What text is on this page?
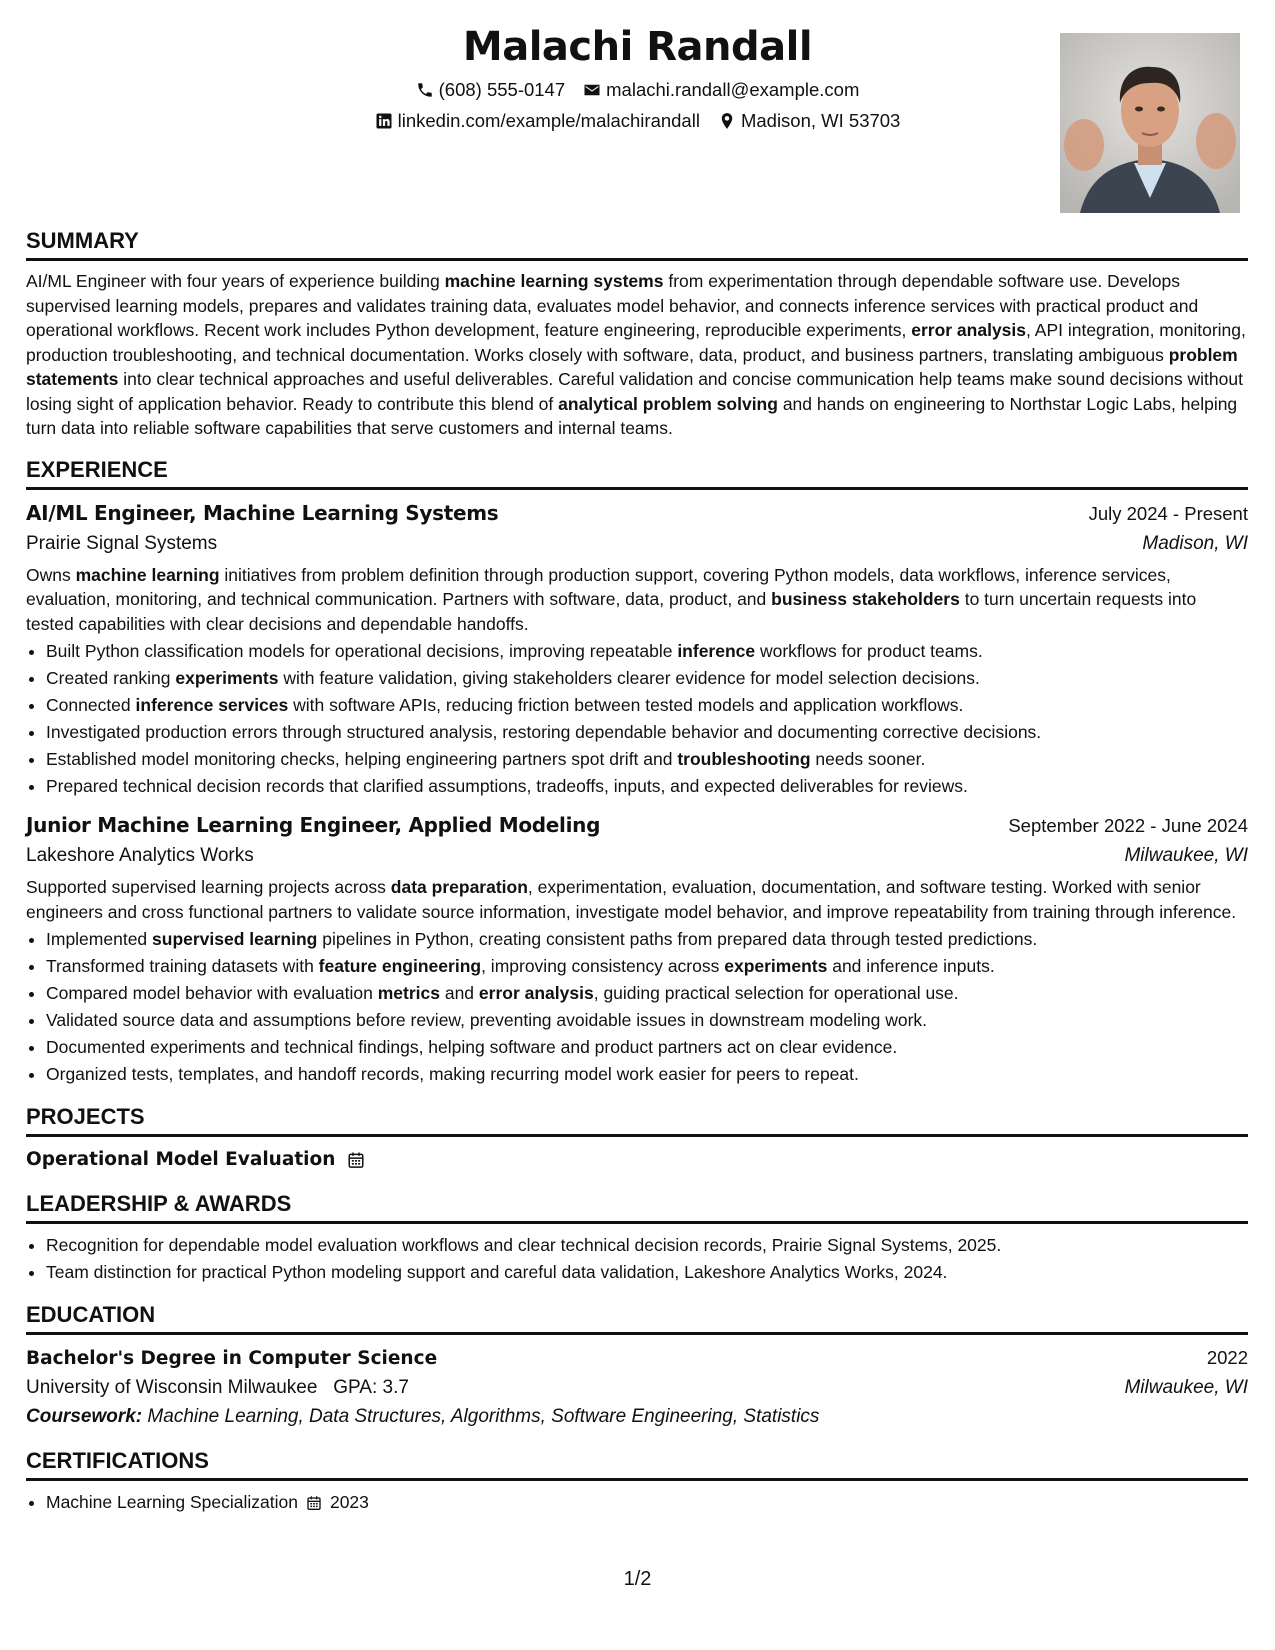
Malachi Randall
(608) 555-0147 malachi.randall@example.com
linkedin.com/example/malachirandall Madison, WI 53703
SUMMARY

AI/ML Engineer with four years of experience building machine learning systems from experimentation through dependable software use. Develops supervised learning models, prepares and validates training data, evaluates model behavior, and connects inference services with practical product and operational workflows. Recent work includes Python development, feature engineering, reproducible experiments, error analysis, API integration, monitoring, production troubleshooting, and technical documentation. Works closely with software, data, product, and business partners, translating ambiguous problem statements into clear technical approaches and useful deliverables. Careful validation and concise communication help teams make sound decisions without losing sight of application behavior. Ready to contribute this blend of analytical problem solving and hands on engineering to Northstar Logic Labs, helping turn data into reliable software capabilities that serve customers and internal teams.

EXPERIENCE
AI/ML Engineer, Machine Learning Systems	July 2024 - Present
Prairie Signal Systems	Madison, WI

Owns machine learning initiatives from problem definition through production support, covering Python models, data workflows, inference services, evaluation, monitoring, and technical communication. Partners with software, data, product, and business stakeholders to turn uncertain requests into tested capabilities with clear decisions and dependable handoffs.

• Built Python classification models for operational decisions, improving repeatable inference workflows for product teams.
• Created ranking experiments with feature validation, giving stakeholders clearer evidence for model selection decisions.
• Connected inference services with software APIs, reducing friction between tested models and application workflows.
• Investigated production errors through structured analysis, restoring dependable behavior and documenting corrective decisions.
• Established model monitoring checks, helping engineering partners spot drift and troubleshooting needs sooner.
• Prepared technical decision records that clarified assumptions, tradeoffs, inputs, and expected deliverables for reviews.
Junior Machine Learning Engineer, Applied Modeling	September 2022 - June 2024
Lakeshore Analytics Works	Milwaukee, WI

Supported supervised learning projects across data preparation, experimentation, evaluation, documentation, and software testing. Worked with senior engineers and cross functional partners to validate source information, investigate model behavior, and improve repeatability from training through inference.

• Implemented supervised learning pipelines in Python, creating consistent paths from prepared data through tested predictions.
• Transformed training datasets with feature engineering, improving consistency across experiments and inference inputs.
• Compared model behavior with evaluation metrics and error analysis, guiding practical selection for operational use.
• Validated source data and assumptions before review, preventing avoidable issues in downstream modeling work.
• Documented experiments and technical findings, helping software and product partners act on clear evidence.
• Organized tests, templates, and handoff records, making recurring model work easier for peers to repeat.
PROJECTS
Operational Model Evaluation
LEADERSHIP & AWARDS
• Recognition for dependable model evaluation workflows and clear technical decision records, Prairie Signal Systems, 2025.
• Team distinction for practical Python modeling support and careful data validation, Lakeshore Analytics Works, 2024.
EDUCATION
Bachelor's Degree in Computer Science	2022
University of Wisconsin Milwaukee GPA: 3.7	Milwaukee, WI
Coursework: Machine Learning, Data Structures, Algorithms, Software Engineering, Statistics
CERTIFICATIONS
• Machine Learning Specialization 2023
1/2
